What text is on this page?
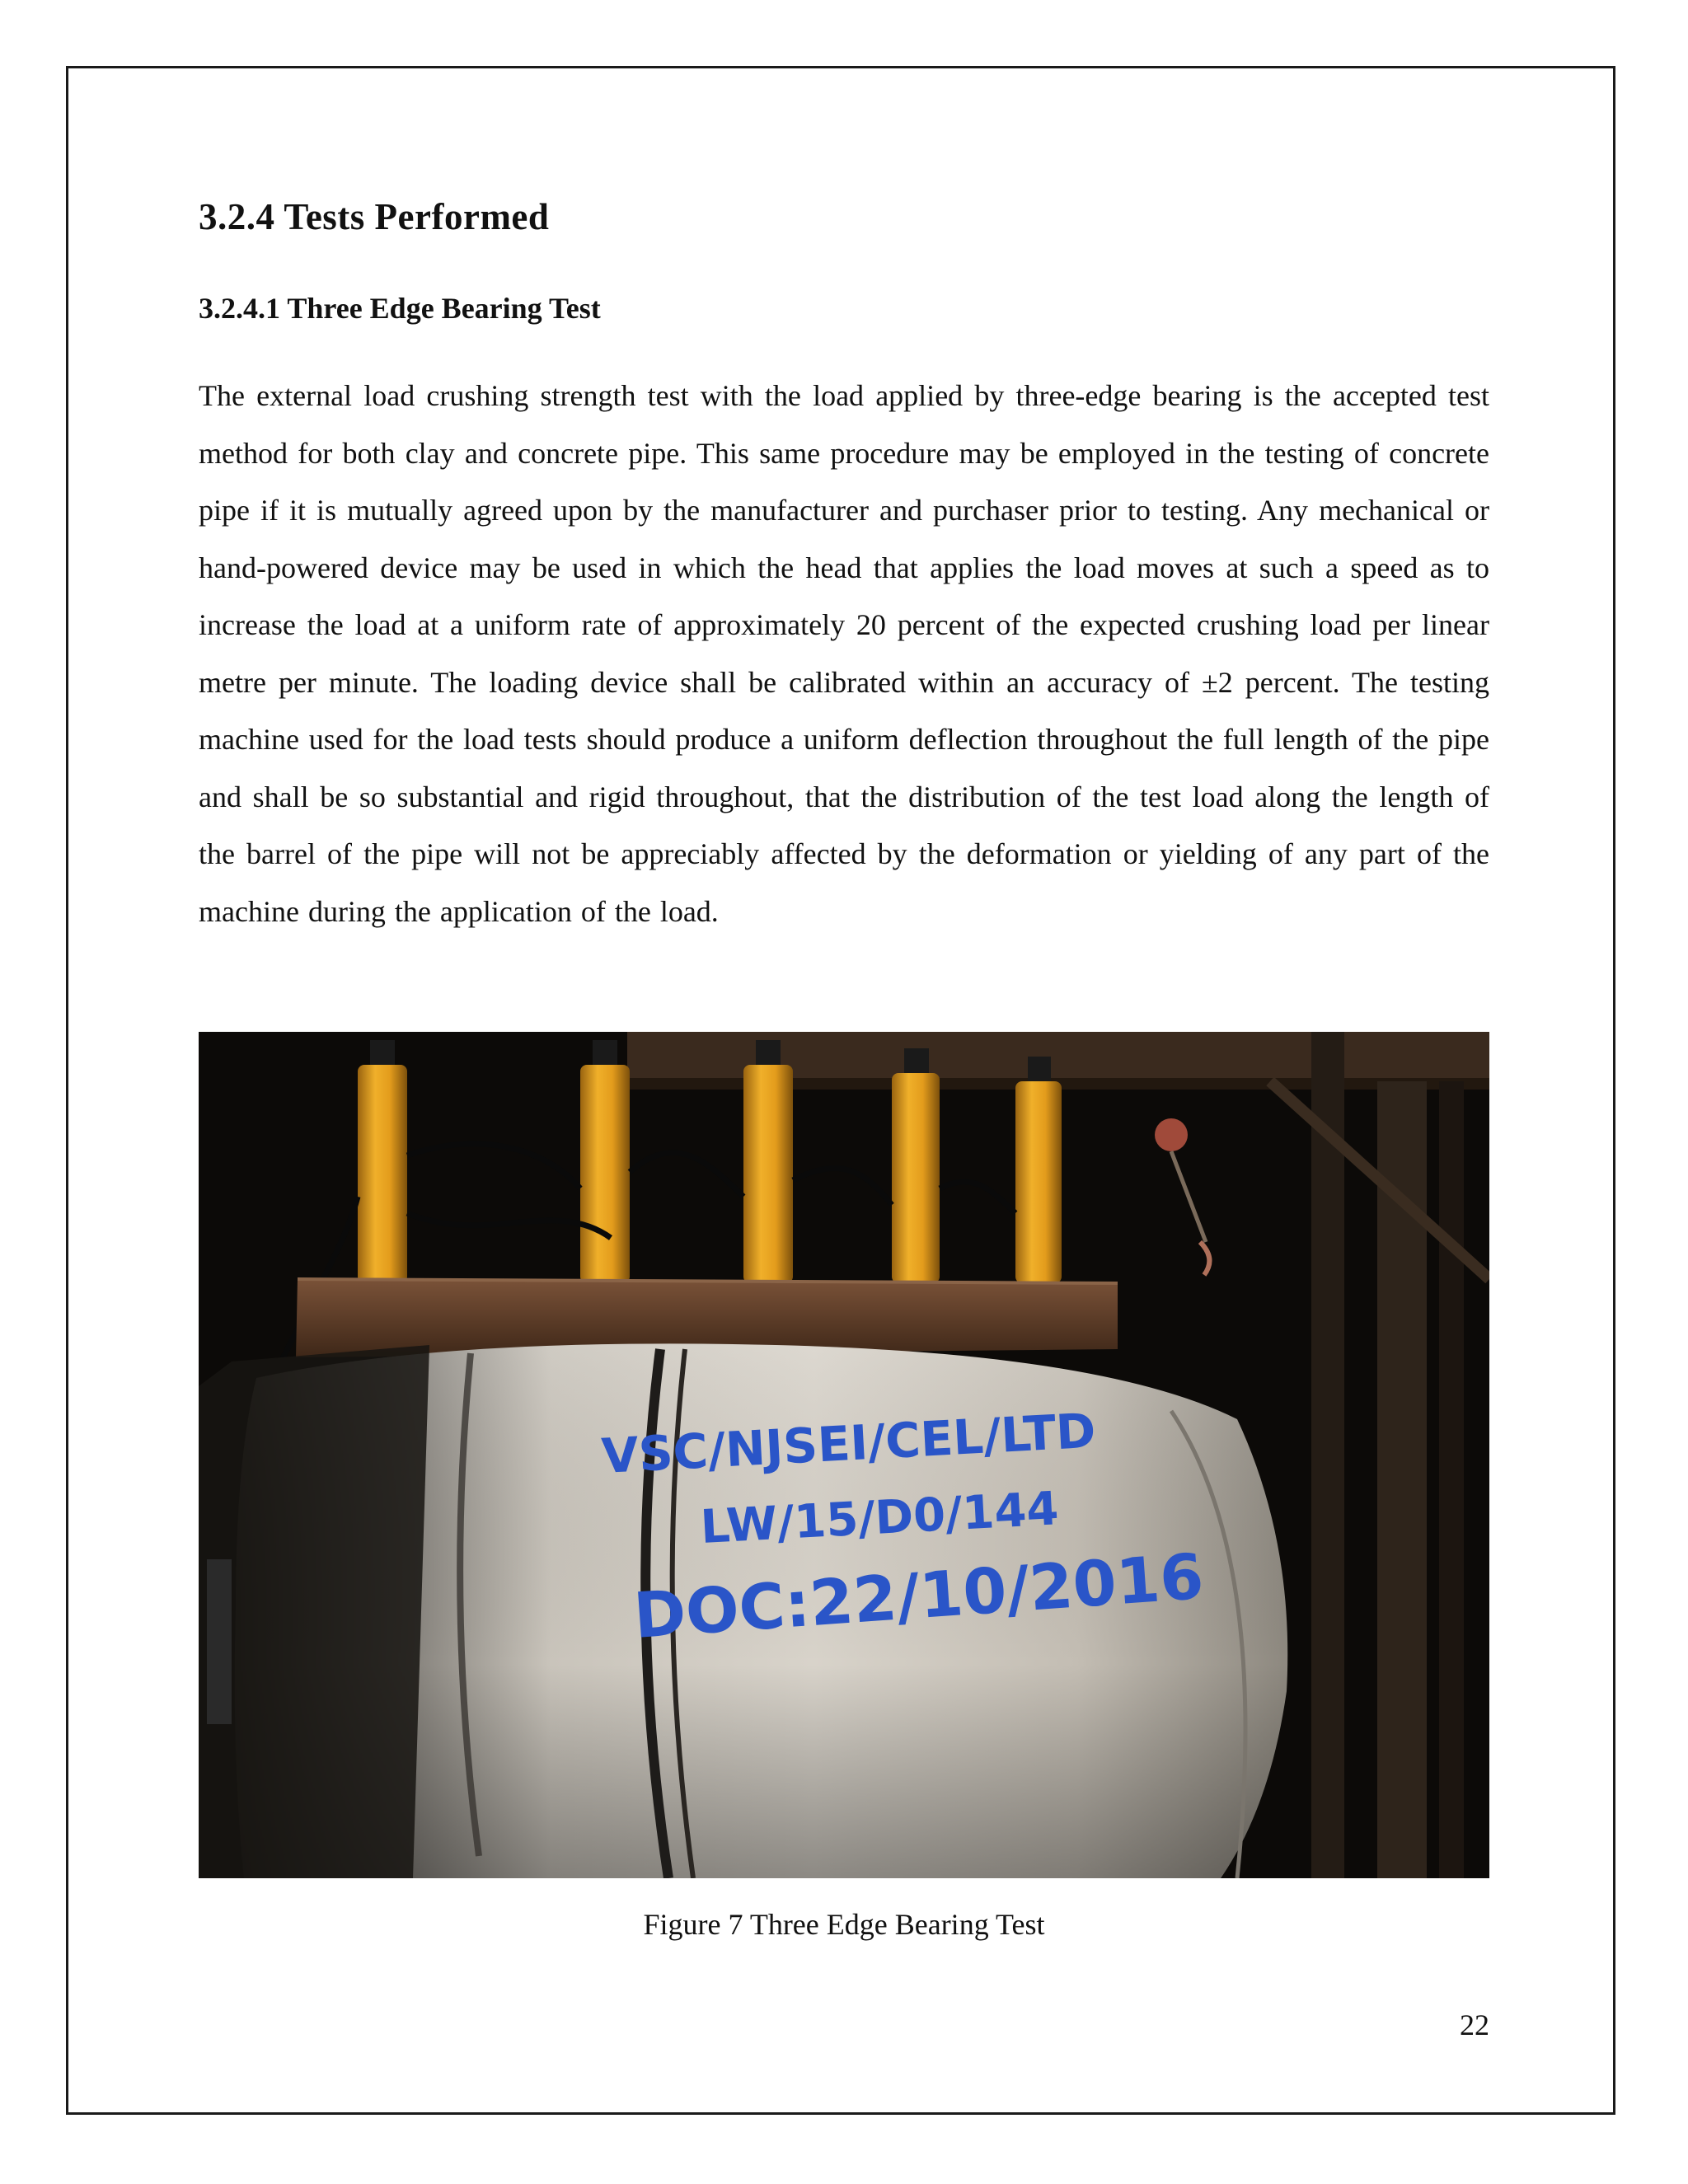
3.2.4 Tests Performed
3.2.4.1 Three Edge Bearing Test

The external load crushing strength test with the load applied by three-edge bearing is the accepted test method for both clay and concrete pipe. This same procedure may be employed in the testing of concrete pipe if it is mutually agreed upon by the manufacturer and purchaser prior to testing. Any mechanical or hand-powered device may be used in which the head that applies the load moves at such a speed as to increase the load at a uniform rate of approximately 20 percent of the expected crushing load per linear metre per minute. The loading device shall be calibrated within an accuracy of ±2 percent. The testing machine used for the load tests should produce a uniform deflection throughout the full length of the pipe and shall be so substantial and rigid throughout, that the distribution of the test load along the length of the barrel of the pipe will not be appreciably affected by the deformation or yielding of any part of the machine during the application of the load.

VSC/NJSEI/CEL/LTD
LW/15/D0/144
DOC:22/10/2016

Figure 7 Three Edge Bearing Test

22
